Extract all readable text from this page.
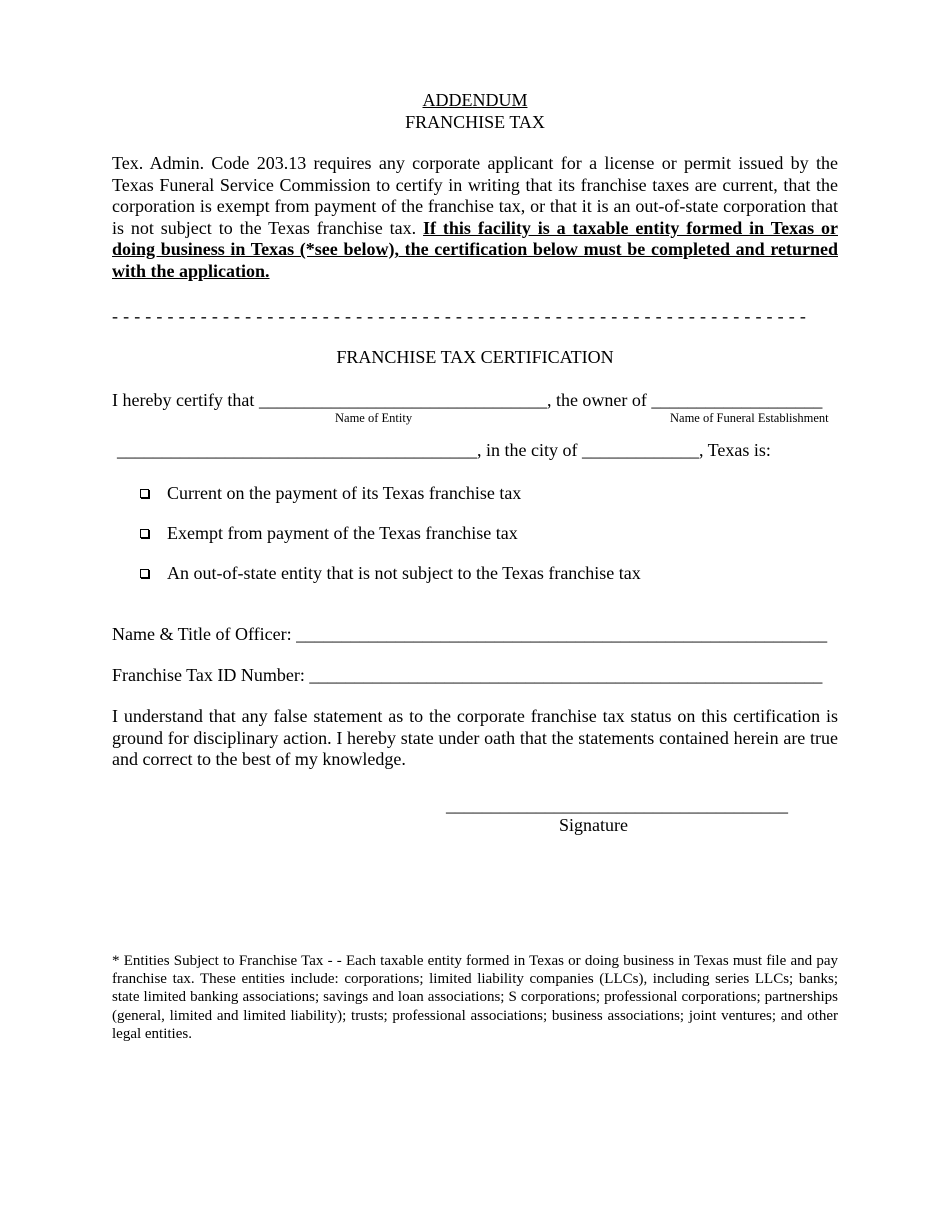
ADDENDUM
FRANCHISE TAX
Tex. Admin. Code 203.13 requires any corporate applicant for a license or permit issued by the Texas Funeral Service Commission to certify in writing that its franchise taxes are current, that the corporation is exempt from payment of the franchise tax, or that it is an out-of-state corporation that is not subject to the Texas franchise tax. If this facility is a taxable entity formed in Texas or doing business in Texas (*see below), the certification below must be completed and returned with the application.
- - - - - - - - - - - - - - - - - - - - - - - - - - - - - - - - - - - - - - - - - - - - - - - - - - - - - - - - - - - - - - -
FRANCHISE TAX CERTIFICATION
I hereby certify that ________________________________, the owner of ___________________
Name of Entity	Name of Funeral Establishment
________________________________________, in the city of _____________, Texas is:
Current on the payment of its Texas franchise tax
Exempt from payment of the Texas franchise tax
An out-of-state entity that is not subject to the Texas franchise tax
Name & Title of Officer: ___________________________________________________________
Franchise Tax ID Number: _________________________________________________________
I understand that any false statement as to the corporate franchise tax status on this certification is ground for disciplinary action. I hereby state under oath that the statements contained herein are true and correct to the best of my knowledge.
______________________________________
Signature
* Entities Subject to Franchise Tax - - Each taxable entity formed in Texas or doing business in Texas must file and pay franchise tax. These entities include: corporations; limited liability companies (LLCs), including series LLCs; banks; state limited banking associations; savings and loan associations; S corporations; professional corporations; partnerships (general, limited and limited liability); trusts; professional associations; business associations; joint ventures; and other legal entities.
